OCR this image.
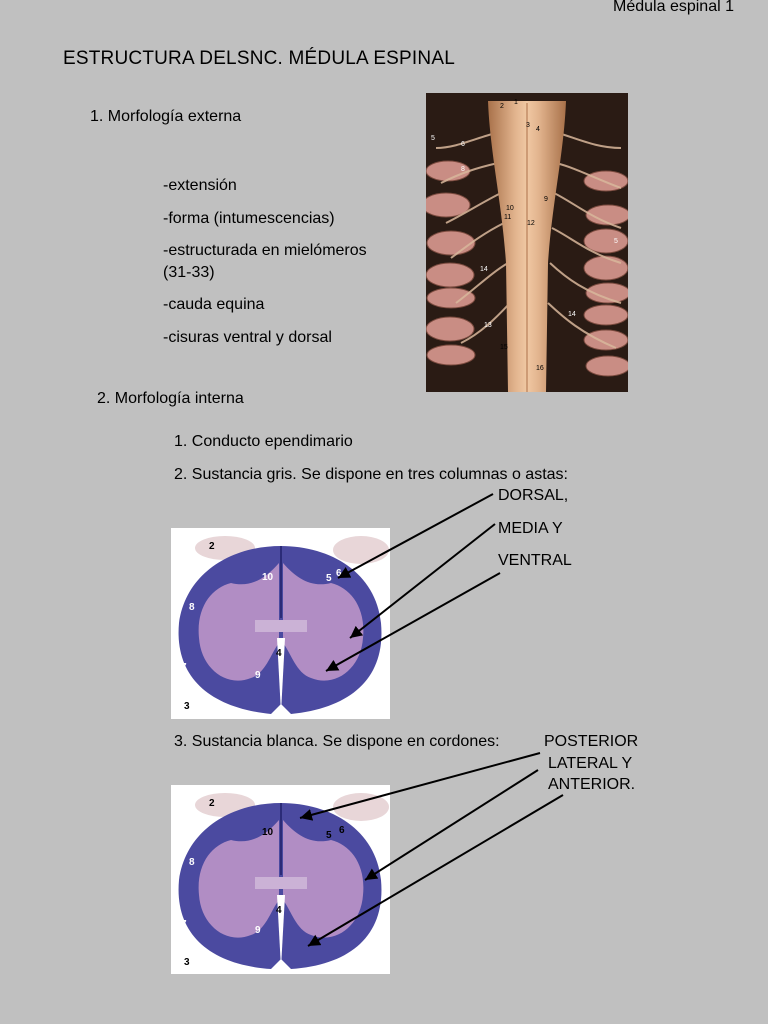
Médula espinal 1
ESTRUCTURA DELSNC. MÉDULA ESPINAL
1. Morfología externa
-extensión
-forma (intumescencias)
-estructurada en mielómeros
(31-33)
-cauda equina
-cisuras ventral y dorsal
2
1
3
4
5
6
8
9
10
11
12
5
14
13
14
15
16
2. Morfología interna
1. Conducto ependimario
2. Sustancia gris. Se dispone en tres columnas o astas:
DORSAL,
MEDIA Y
VENTRAL
2
10	5 6
8
4
7
9
3
3. Sustancia blanca. Se dispone en cordones:	POSTERIOR
LATERAL Y
ANTERIOR.
2
10	5 6
8
4
7
9
3
